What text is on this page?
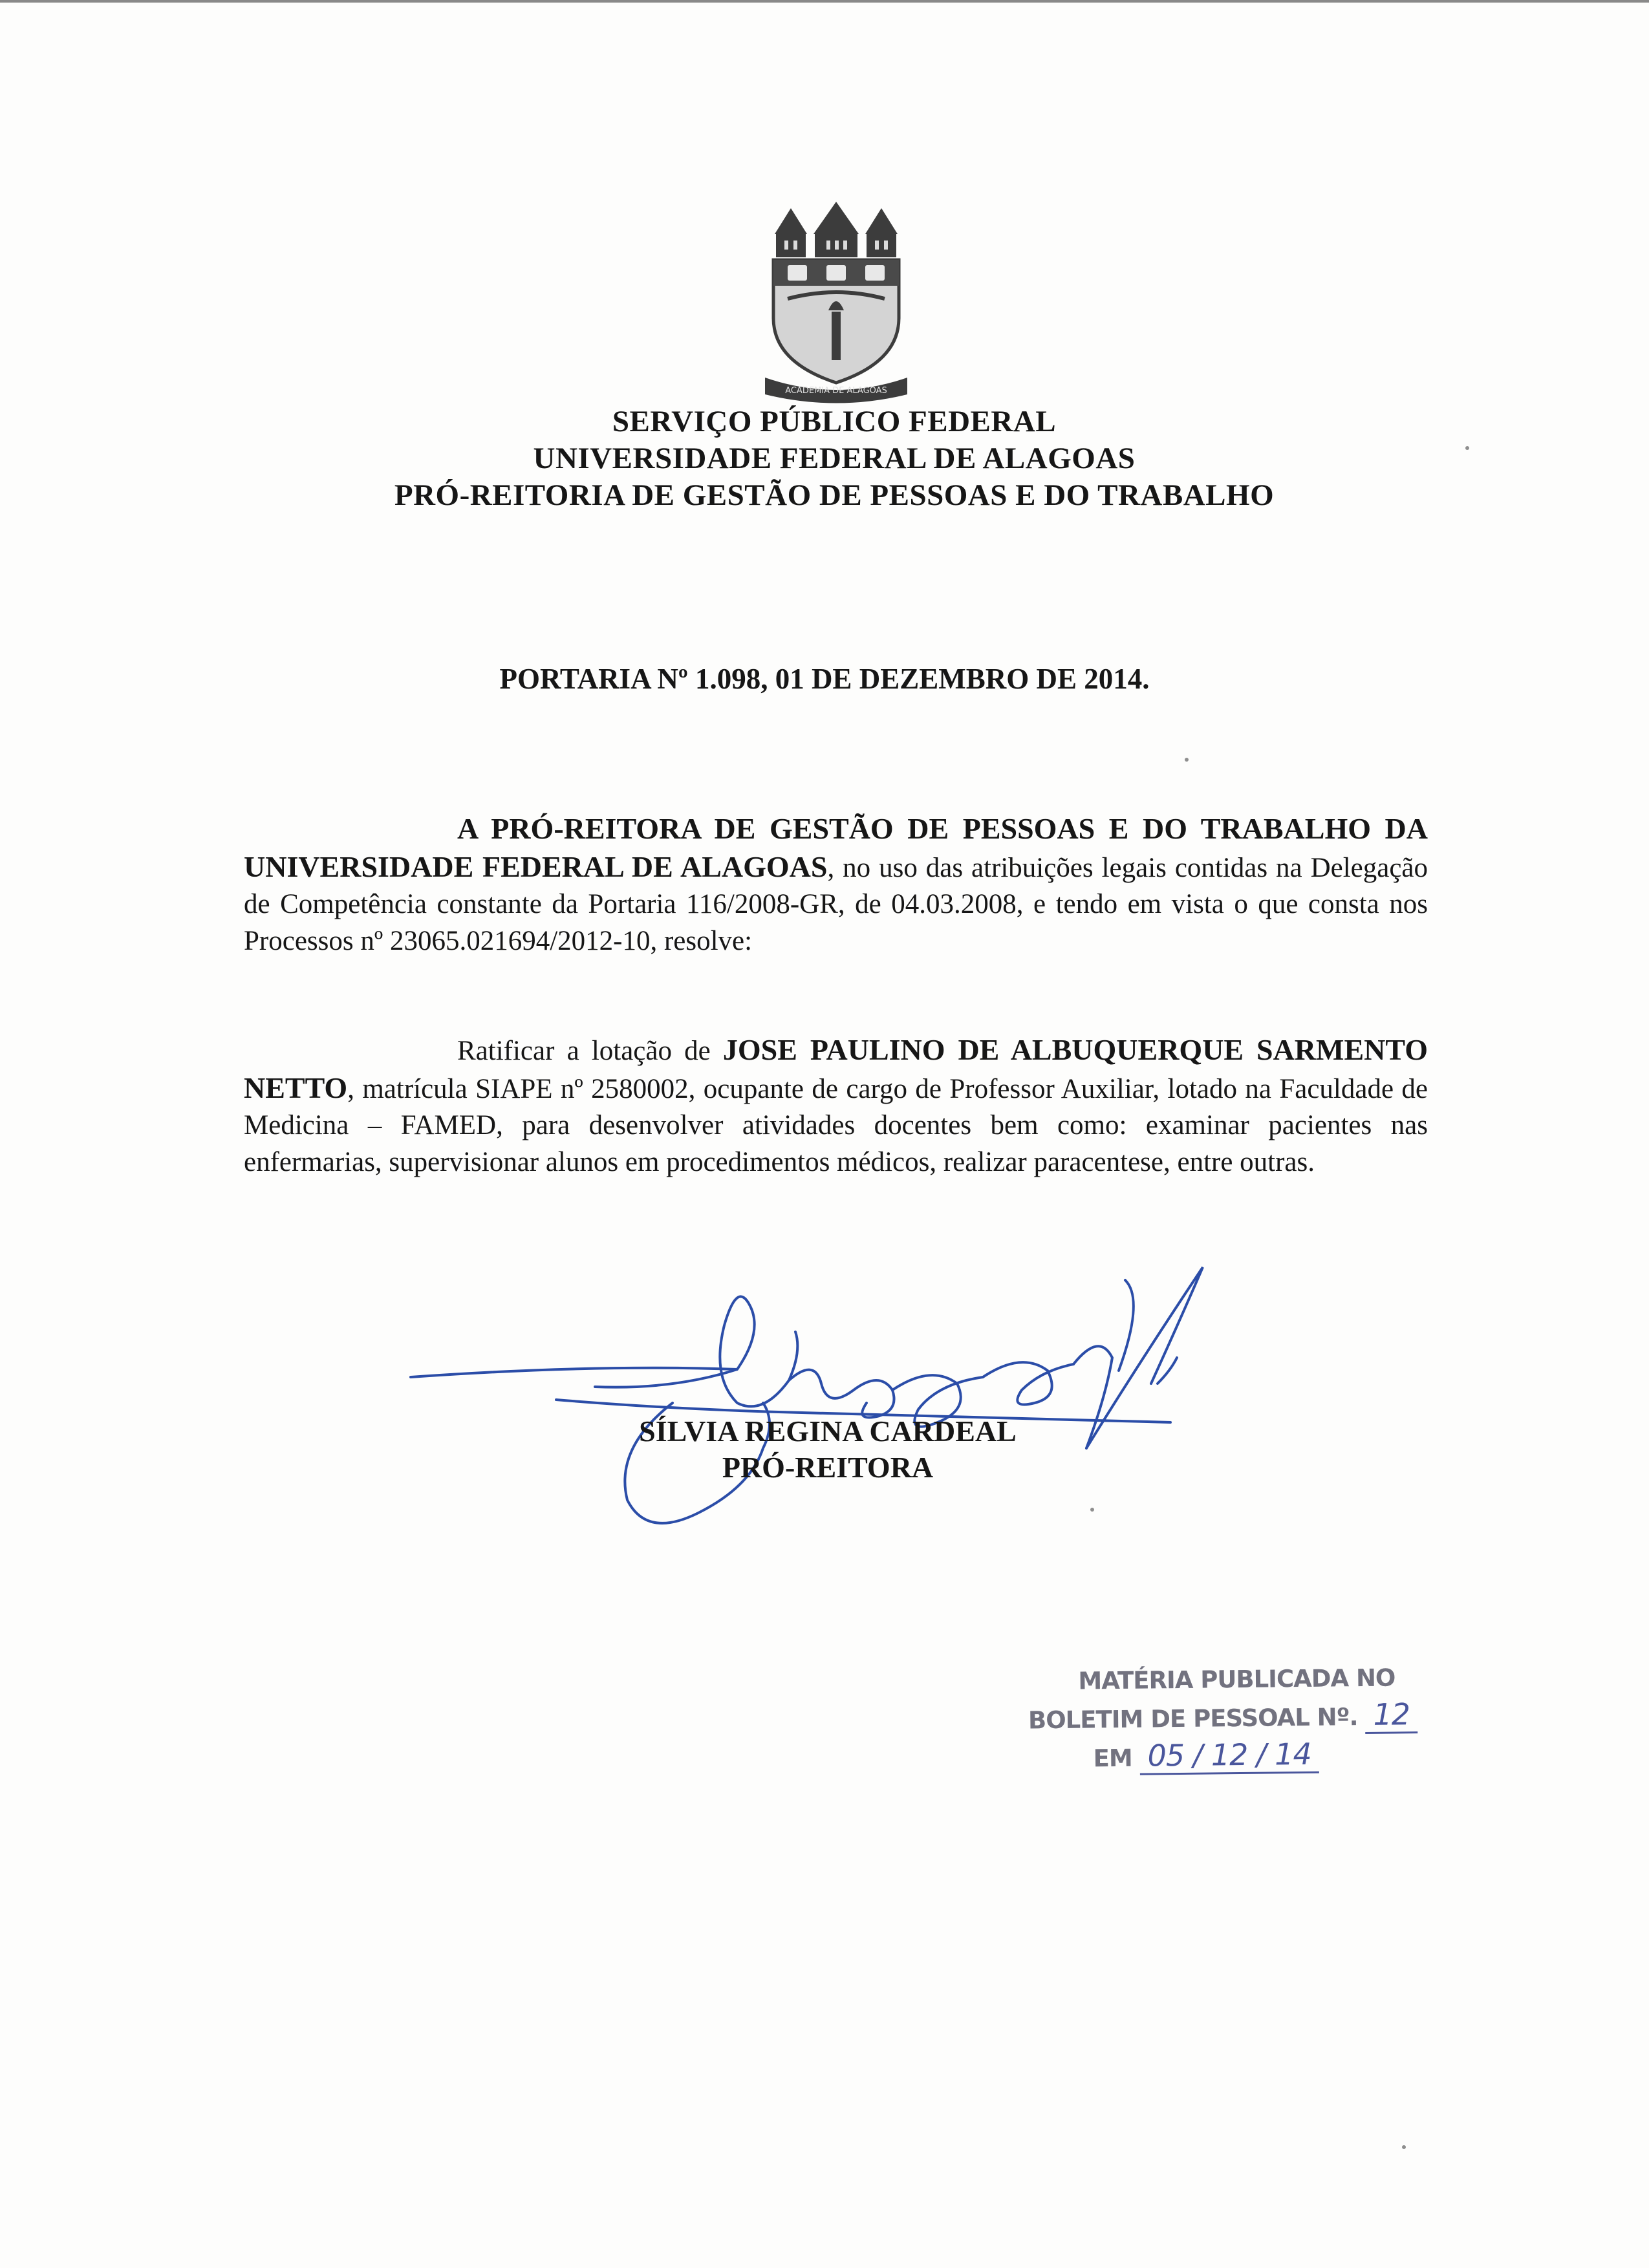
ACADEMIA DE ALAGOAS
SERVIÇO PÚBLICO FEDERAL
UNIVERSIDADE FEDERAL DE ALAGOAS
PRÓ-REITORIA DE GESTÃO DE PESSOAS E DO TRABALHO
PORTARIA Nº 1.098, 01 DE DEZEMBRO DE 2014.

A PRÓ-REITORA DE GESTÃO DE PESSOAS E DO TRABALHO DA UNIVERSIDADE FEDERAL DE ALAGOAS, no uso das atribuições legais contidas na Delegação de Competência constante da Portaria 116/2008-GR, de 04.03.2008, e tendo em vista o que consta nos Processos nº 23065.021694/2012-10, resolve:

Ratificar a lotação de JOSE PAULINO DE ALBUQUERQUE SARMENTO NETTO, matrícula SIAPE nº 2580002, ocupante de cargo de Professor Auxiliar, lotado na Faculdade de Medicina – FAMED, para desenvolver atividades docentes bem como: examinar pacientes nas enfermarias, supervisionar alunos em procedimentos médicos, realizar paracentese, entre outras.

SÍLVIA REGINA CARDEAL
PRÓ-REITORA
MATÉRIA PUBLICADA NO
BOLETIM DE PESSOAL Nº. 12
EM 05 / 12 / 14
